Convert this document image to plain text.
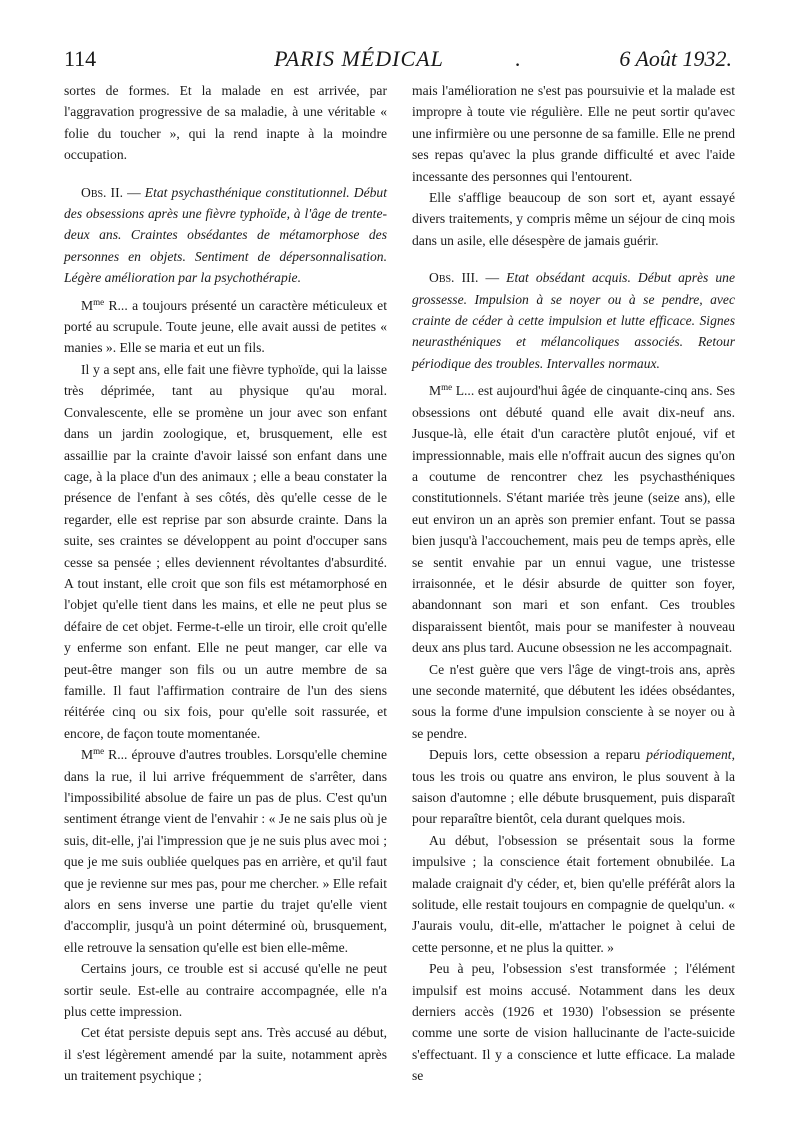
114	PARIS MÉDICAL	.	6 Août 1932.

sortes de formes. Et la malade en est arrivée, par l'aggravation progressive de sa maladie, à une véritable « folie du toucher », qui la rend inapte à la moindre occupation.

Obs. II. — Etat psychasthénique constitutionnel. Début des obsessions après une fièvre typhoïde, à l'âge de trente-deux ans. Craintes obsédantes de métamorphose des personnes en objets. Sentiment de dépersonnalisation. Légère amélioration par la psychothérapie.

$M^{me}$ R... a toujours présenté un caractère méticuleux et porté au scrupule. Toute jeune, elle avait aussi de petites « manies ». Elle se maria et eut un fils.

Il y a sept ans, elle fait une fièvre typhoïde, qui la laisse très déprimée, tant au physique qu'au moral. Convalescente, elle se promène un jour avec son enfant dans un jardin zoologique, et, brusquement, elle est assaillie par la crainte d'avoir laissé son enfant dans une cage, à la place d'un des animaux ; elle a beau constater la présence de l'enfant à ses côtés, dès qu'elle cesse de le regarder, elle est reprise par son absurde crainte. Dans la suite, ses craintes se développent au point d'occuper sans cesse sa pensée ; elles deviennent révoltantes d'absurdité. A tout instant, elle croit que son fils est métamorphosé en l'objet qu'elle tient dans les mains, et elle ne peut plus se défaire de cet objet. Ferme-t-elle un tiroir, elle croit qu'elle y enferme son enfant. Elle ne peut manger, car elle va peut-être manger son fils ou un autre membre de sa famille. Il faut l'affirmation contraire de l'un des siens réitérée cinq ou six fois, pour qu'elle soit rassurée, et encore, de façon toute momentanée.

$M^{me}$ R... éprouve d'autres troubles. Lorsqu'elle chemine dans la rue, il lui arrive fréquemment de s'arrêter, dans l'impossibilité absolue de faire un pas de plus. C'est qu'un sentiment étrange vient de l'envahir : « Je ne sais plus où je suis, dit-elle, j'ai l'impression que je ne suis plus avec moi ; que je me suis oubliée quelques pas en arrière, et qu'il faut que je revienne sur mes pas, pour me chercher. » Elle refait alors en sens inverse une partie du trajet qu'elle vient d'accomplir, jusqu'à un point déterminé où, brusquement, elle retrouve la sensation qu'elle est bien elle-même.

Certains jours, ce trouble est si accusé qu'elle ne peut sortir seule. Est-elle au contraire accompagnée, elle n'a plus cette impression.

Cet état persiste depuis sept ans. Très accusé au début, il s'est légèrement amendé par la suite, notamment après un traitement psychique ;

mais l'amélioration ne s'est pas poursuivie et la malade est impropre à toute vie régulière. Elle ne peut sortir qu'avec une infirmière ou une personne de sa famille. Elle ne prend ses repas qu'avec la plus grande difficulté et avec l'aide incessante des personnes qui l'entourent.

Elle s'afflige beaucoup de son sort et, ayant essayé divers traitements, y compris même un séjour de cinq mois dans un asile, elle désespère de jamais guérir.

Obs. III. — Etat obsédant acquis. Début après une grossesse. Impulsion à se noyer ou à se pendre, avec crainte de céder à cette impulsion et lutte efficace. Signes neurasthéniques et mélancoliques associés. Retour périodique des troubles. Intervalles normaux.

$M^{me}$ L... est aujourd'hui âgée de cinquante-cinq ans. Ses obsessions ont débuté quand elle avait dix-neuf ans. Jusque-là, elle était d'un caractère plutôt enjoué, vif et impressionnable, mais elle n'offrait aucun des signes qu'on a coutume de rencontrer chez les psychasthéniques constitutionnels. S'étant mariée très jeune (seize ans), elle eut environ un an après son premier enfant. Tout se passa bien jusqu'à l'accouchement, mais peu de temps après, elle se sentit envahie par un ennui vague, une tristesse irraisonnée, et le désir absurde de quitter son foyer, abandonnant son mari et son enfant. Ces troubles disparaissent bientôt, mais pour se manifester à nouveau deux ans plus tard. Aucune obsession ne les accompagnait.

Ce n'est guère que vers l'âge de vingt-trois ans, après une seconde maternité, que débutent les idées obsédantes, sous la forme d'une impulsion consciente à se noyer ou à se pendre.

Depuis lors, cette obsession a reparu périodiquement, tous les trois ou quatre ans environ, le plus souvent à la saison d'automne ; elle débute brusquement, puis disparaît pour reparaître bientôt, cela durant quelques mois.

Au début, l'obsession se présentait sous la forme impulsive ; la conscience était fortement obnubilée. La malade craignait d'y céder, et, bien qu'elle préférât alors la solitude, elle restait toujours en compagnie de quelqu'un. « J'aurais voulu, dit-elle, m'attacher le poignet à celui de cette personne, et ne plus la quitter. »

Peu à peu, l'obsession s'est transformée ; l'élément impulsif est moins accusé. Notamment dans les deux derniers accès (1926 et 1930) l'obsession se présente comme une sorte de vision hallucinante de l'acte-suicide s'effectuant. Il y a conscience et lutte efficace. La malade se
